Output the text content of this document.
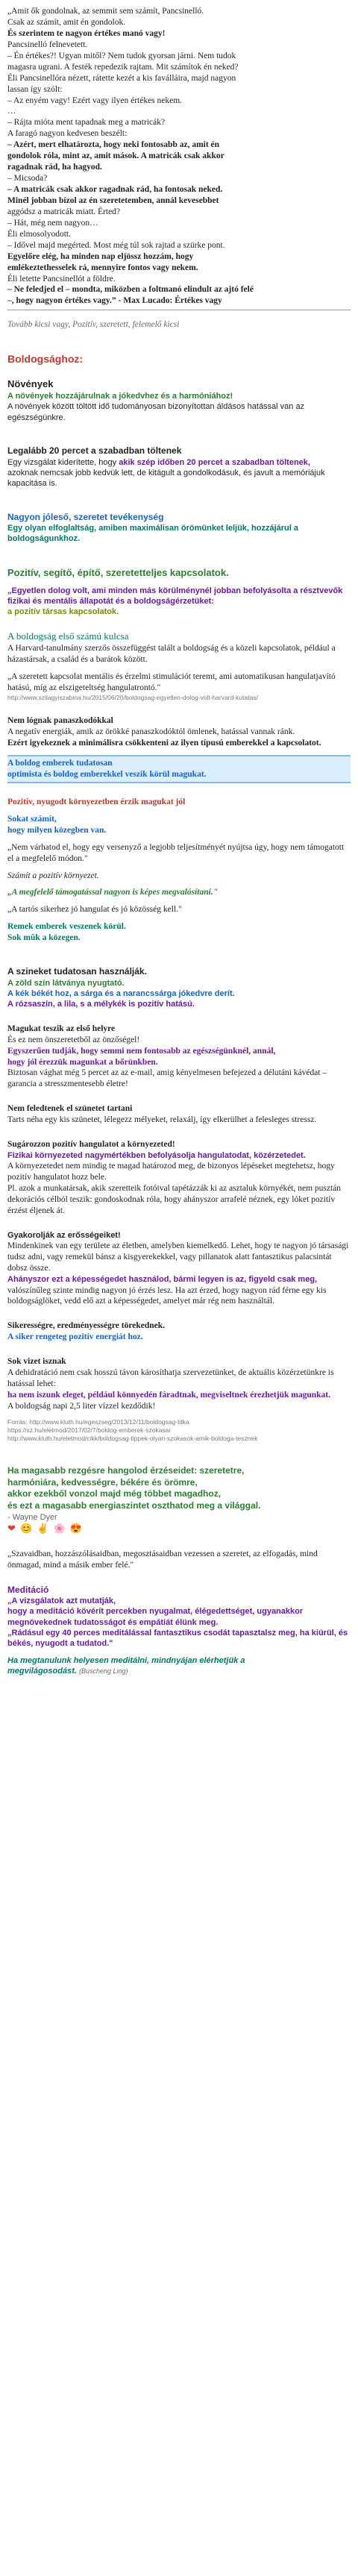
„Amit ők gondolnak, az semmit sem számít, Pancsinelló.

Csak az számít, amit én gondolok.

És szerintem te nagyon értékes manó vagy!

Pancsinelló felnevetett.

– Én értékes?! Ugyan mitől? Nem tudok gyorsan járni. Nem tudok

magasra ugrani. A festék repedezik rajtam. Mit számítok én neked?

Éli Pancsinellóra nézett, rátette kezét a kis faválláira, majd nagyon

lassan így szólt:

– Az enyém vagy! Ezért vagy ilyen értékes nekem.

…

– Rájta mióta ment tapadnak meg a matricák?

A faragó nagyon kedvesen beszélt:

– Azért, mert elhatározta, hogy neki fontosabb az, amit én

gondolok róla, mint az, amit mások. A matricák csak akkor

ragadnak rád, ha hagyod.

– Micsoda?

– A matricák csak akkor ragadnak rád, ha fontosak neked.

Minél jobban bízol az én szeretetemben, annál kevesebbet

aggódsz a matricák miatt. Érted?

– Hát, még nem nagyon…

Éli elmosolyodott.

– Idővel majd megérted. Most még túl sok rajtad a szürke pont.

Egyelőre elég, ha minden nap eljössz hozzám, hogy

emlékeztethesselek rá, mennyire fontos vagy nekem.

Éli letette Pancsinellót a földre.

– Ne feledjed el – mondta, miközben a foltmanó elindult az ajtó felé

–, hogy nagyon értékes vagy.” - Max Lucado: Értékes vagy

Tovább kicsi vagy, Pozitív, szeretett, felemelő kicsi

Boldogsághoz:

Növények

A növények hozzájárulnak a jókedvhez és a harmóniához!

A növények között töltött idő tudományosan bizonyítottan áldásos hatással van az egészségünkre.

Legalább 20 percet a szabadban töltenek

Egy vizsgálat kiderítette, hogy akik szép időben 20 percet a szabadban töltenek,

azoknak nemcsak jobb kedvük lett, de kitágult a gondolkodásuk, és javult a memóriájuk kapacitása is.

Nagyon jóleső, szeretet tevékenység

Egy olyan elfoglaltság, amiben maximálisan örömünket leljük, hozzájárul a boldogságunkhoz.

Pozitív, segítő, építő, szeretetteljes kapcsolatok.

„Egyetlen dolog volt, ami minden más körülménynél jobban befolyásolta a résztvevők fizikai és mentális állapotát és a boldogságérzetüket:

a pozitív társas kapcsolatok.

A boldogság első számú kulcsa

A Harvard-tanulmány szerzős összefüggést talált a boldogság és a közeli kapcsolatok, például a házastársak, a család és a barátok között.

„A szeretett kapcsolat mentális és érzelmi stimulációt teremt, ami automatikusan hangulatjavító hatású, míg az elszigeteltség hangulatrontó."

http://www.szilagyiszabina.hu/2015/06/20/boldogsag-egyetlen-dolog-volt-harvard-kutatas/

Nem lógnak panaszkodókkal

A negatív energiák, amik az örökké panaszkodóktól ömlenek, hatással vannak ránk.

Ezért igyekeznek a minimálisra csökkenteni az ilyen típusú emberekkel a kapcsolatot.

A boldog emberek tudatosan

optimista és boldog emberekkel veszik körül magukat.

Pozitív, nyugodt környezetben érzik magukat jól

Sokat számít,

hogy milyen közegben van.

„Nem várhatod el, hogy egy versenyző a legjobb teljesítményét nyújtsa úgy, hogy nem támogatott el a megfelelő módon."

Számít a pozitív környezet.

„A megfelelő támogatással nagyon is képes megvalósítani."

„A tartós sikerhez jó hangulat és jó közösség kell."

Remek emberek veszenek körül.

Sok mûk a közegen.

A szineket tudatosan használják.

A zöld szín látványa nyugtató.

A kék békét hoz, a sárga és a narancssárga jókedvre derít.

A rózsaszín, a lila, s a mélykék is pozitív hatású.

Magukat teszik az első helyre

És ez nem önszeretetből az önzőségel!

Egyszerűen tudják, hogy semmi nem fontosabb az egészségünknél, annál,

hogy jól érezzük magunkat a bőrünkben.

Biztosan vághat még 5 percet az az e-mail, amig kényelmesen befejezed a délutáni kávédat – garancia a stresszmentesebb életre!

Nem feledtenek el szünetet tartani

Tarts néha egy kis szünetet, lélegezz mélyeket, relaxálj, így elkerülhet a felesleges stressz.

Sugározzon pozitív hangulatot a környezeted!

Fizikai környezeted nagymértékben befolyásolja hangulatodat, közérzetedet.

A környezetedet nem mindig te magad határozod meg, de bizonyos lépéseket megtehetsz, hogy pozitív hangulatot hozz bele.

Pl. azok a munkatársak, akik szeretteik fotóival tapétázzák ki az asztaluk környékét, nem pusztán dekorációs célból teszik: gondoskodnak róla, hogy ahányszor arrafelé néznek, egy lóket pozitív érzést éljenek át.

Gyakorolják az erősségeiket!

Mindenkinek van egy területe az életben, amelyben kiemelkedő. Lehet, hogy te nagyon jó társasági tudsz adni, vagy remekül bánsz a kisgyerekekkel, vagy pillanatok alatt fantasztikus palacsintát dobsz össze.

Ahányszor ezt a képességedet használod, bármi legyen is az, figyeld csak meg,

valószínűleg szinte mindig nagyon jó érzés lesz. Ha azt érzed, hogy nagyon rád férne egy kis boldogságlöket, vedd elő azt a képességedet, amelyet már rég nem használtál.

Sikerességre, eredményességre törekednek.

A siker rengeteg pozitív energiát hoz.

Sok vizet isznak

A dehidratáció nem csak hosszú távon károsíthatja szervezetünket, de aktuális közérzetünkre is hatással lehet:

ha nem iszunk eleget, például könnyedén fáradtnak, megviseltnek érezhetjük magunkat.

A boldogság napi 2,5 liter vízzel kezdődik!

Forrás: http://www.kluth.hu/egeszseg/2013/12/11/boldogsag-titka

https://sz.hu/eletmod/2017/02/7/boldog-emberek-szokasai

http://www.kluth.hu/eletmod/cikk/boldogsag-tippek-olyan-szokasok-amik-boldoga-tesznek

Ha magasabb rezgésre hangolod érzéseidet: szeretetre,

harmóniára, kedvességre, békére és örömre,

akkor ezekből vonzol majd még többet magadhoz,

és ezt a magasabb energiaszintet oszthatod meg a világgal.

- Wayne Dyer

❤ 😊 ✌ 🌸 😍

„Szavaidban, hozzászólásaidban, megosztásaidban vezessen a szeretet, az elfogadás, mind önmagad, mind a másik ember felé."

Meditáció

„A vizsgálatok azt mutatják,

hogy a meditáció kövérít percekben nyugalmat, élégedettséget, ugyanakkor megnövekednek tudatosságot és empátiát élünk meg.

„Rádásul egy 40 perces meditálással fantasztikus csodát tapasztalsz meg, ha kiürül, és békés, nyugodt a tudatod."

Ha megtanulunk helyesen meditálni, mindnyájan elérhetjük a

megvilágosodást. (Buscheng Ling)
